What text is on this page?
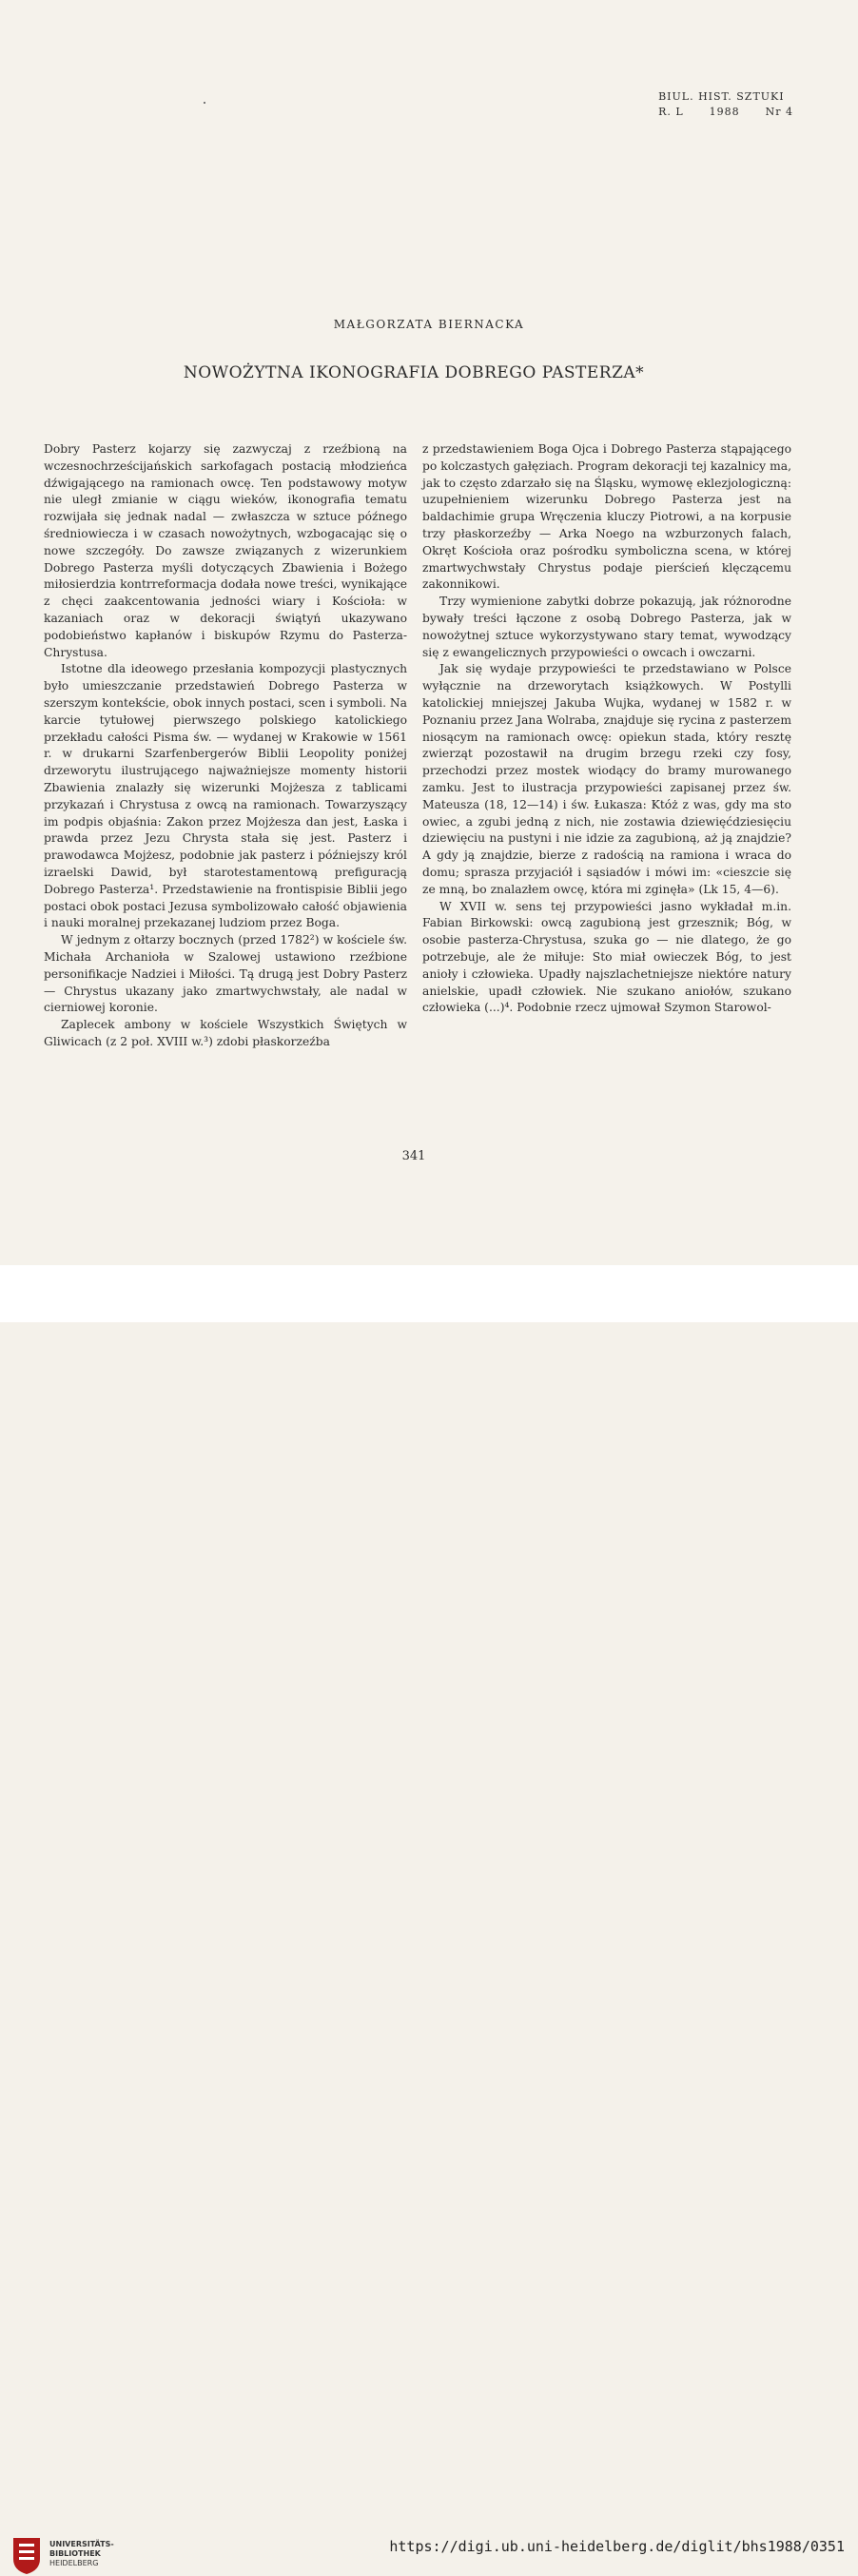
BIUL. HIST. SZTUKI
R. L      1988      Nr 4
MAŁGORZATA BIERNACKA
NOWOŻYTNA IKONOGRAFIA DOBREGO PASTERZA*

Dobry Pasterz kojarzy się zazwyczaj z rzeźbioną na wczesnochrześcijańskich sarkofagach postacią młodzieńca dźwigającego na ramionach owcę. Ten podstawowy motyw nie uległ zmianie w ciągu wieków, ikonografia tematu rozwijała się jednak nadal — zwłaszcza w sztuce późnego średniowiecza i w czasach nowożytnych, wzbogacając się o nowe szczegóły. Do zawsze związanych z wizerunkiem Dobrego Pasterza myśli dotyczących Zbawienia i Bożego miłosierdzia kontrreformacja dodała nowe treści, wynikające z chęci zaakcentowania jedności wiary i Kościoła: w kazaniach oraz w dekoracji świątyń ukazywano podobieństwo kapłanów i biskupów Rzymu do Pasterza-Chrystusa.

Istotne dla ideowego przesłania kompozycji plastycznych było umieszczanie przedstawień Dobrego Pasterza w szerszym kontekście, obok innych postaci, scen i symboli. Na karcie tytułowej pierwszego polskiego katolickiego przekładu całości Pisma św. — wydanej w Krakowie w 1561 r. w drukarni Szarfenbergerów Biblii Leopolity poniżej drzeworytu ilustrującego najważniejsze momenty historii Zbawienia znalazły się wizerunki Mojżesza z tablicami przykazań i Chrystusa z owcą na ramionach. Towarzyszący im podpis objaśnia: Zakon przez Mojżesza dan jest, Łaska i prawda przez Jezu Chrysta stała się jest. Pasterz i prawodawca Mojżesz, podobnie jak pasterz i późniejszy król izraelski Dawid, był starotestamentową prefiguracją Dobrego Pasterza¹. Przedstawienie na frontispisie Biblii jego postaci obok postaci Jezusa symbolizowało całość objawienia i nauki moralnej przekazanej ludziom przez Boga.

W jednym z ołtarzy bocznych (przed 1782²) w kościele św. Michała Archanioła w Szalowej ustawiono rzeźbione personifikacje Nadziei i Miłości. Tą drugą jest Dobry Pasterz — Chrystus ukazany jako zmartwychwstały, ale nadal w cierniowej koronie.

Zaplecek ambony w kościele Wszystkich Świętych w Gliwicach (z 2 poł. XVIII w.³) zdobi płaskorzeźba

z przedstawieniem Boga Ojca i Dobrego Pasterza stąpającego po kolczastych gałęziach. Program dekoracji tej kazalnicy ma, jak to często zdarzało się na Śląsku, wymowę eklezjologiczną: uzupełnieniem wizerunku Dobrego Pasterza jest na baldachimie grupa Wręczenia kluczy Piotrowi, a na korpusie trzy płaskorzeźby — Arka Noego na wzburzonych falach, Okręt Kościoła oraz pośrodku symboliczna scena, w której zmartwychwstały Chrystus podaje pierścień klęczącemu zakonnikowi.

Trzy wymienione zabytki dobrze pokazują, jak różnorodne bywały treści łączone z osobą Dobrego Pasterza, jak w nowożytnej sztuce wykorzystywano stary temat, wywodzący się z ewangelicznych przypowieści o owcach i owczarni.

Jak się wydaje przypowieści te przedstawiano w Polsce wyłącznie na drzeworytach książkowych. W Postylli katolickiej mniejszej Jakuba Wujka, wydanej w 1582 r. w Poznaniu przez Jana Wolraba, znajduje się rycina z pasterzem niosącym na ramionach owcę: opiekun stada, który resztę zwierząt pozostawił na drugim brzegu rzeki czy fosy, przechodzi przez mostek wiodący do bramy murowanego zamku. Jest to ilustracja przypowieści zapisanej przez św. Mateusza (18, 12—14) i św. Łukasza: Któż z was, gdy ma sto owiec, a zgubi jedną z nich, nie zostawia dziewięćdziesięciu dziewięciu na pustyni i nie idzie za zagubioną, aż ją znajdzie? A gdy ją znajdzie, bierze z radością na ramiona i wraca do domu; sprasza przyjaciół i sąsiadów i mówi im: «cieszcie się ze mną, bo znalazłem owcę, która mi zginęła» (Lk 15, 4—6).

W XVII w. sens tej przypowieści jasno wykładał m.in. Fabian Birkowski: owcą zagubioną jest grzesznik; Bóg, w osobie pasterza-Chrystusa, szuka go — nie dlatego, że go potrzebuje, ale że miłuje: Sto miał owieczek Bóg, to jest anioły i człowieka. Upadły najszlachetniejsze niektóre natury anielskie, upadł człowiek. Nie szukano aniołów, szukano człowieka (...)⁴. Podobnie rzecz ujmował Szymon Starowol-

341
UNIVERSITÄTS-
BIBLIOTHEK
HEIDELBERG
https://digi.ub.uni-heidelberg.de/diglit/bhs1988/0351
